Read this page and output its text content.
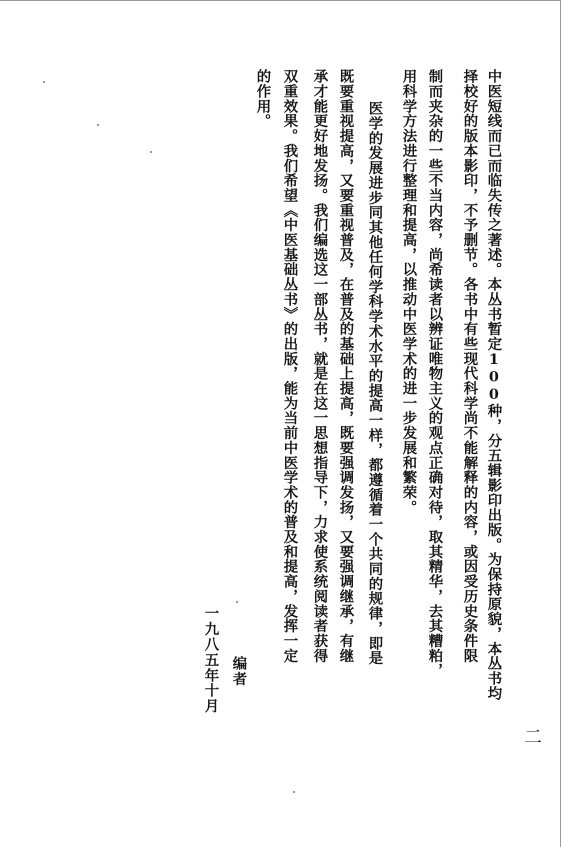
二
中医短线而已而临失传之著述。本丛书暂定100种，分五辑影印出版。为保持原貌，本丛书均
择校好的版本影印，不予删节。各书中有些现代科学尚不能解释的内容，或因受历史条件限
制而夹杂的一些不当内容，尚希读者以辨证唯物主义的观点正确对待，取其精华，去其糟粕，
用科学方法进行整理和提高，以推动中医学术的进一步发展和繁荣。
医学的发展进步同其他任何学科学术水平的提高一样，都遵循着一个共同的规律，即是
既要重视提高，又要重视普及，在普及的基础上提高，既要强调发扬，又要强调继承，有继
承才能更好地发扬。我们编选这一部丛书，就是在这一思想指导下，力求使系统阅读者获得
双重效果。我们希望《中医基础丛书》的出版，能为当前中医学术的普及和提高，发挥一定
的作用。
编者
一九八五年十月
